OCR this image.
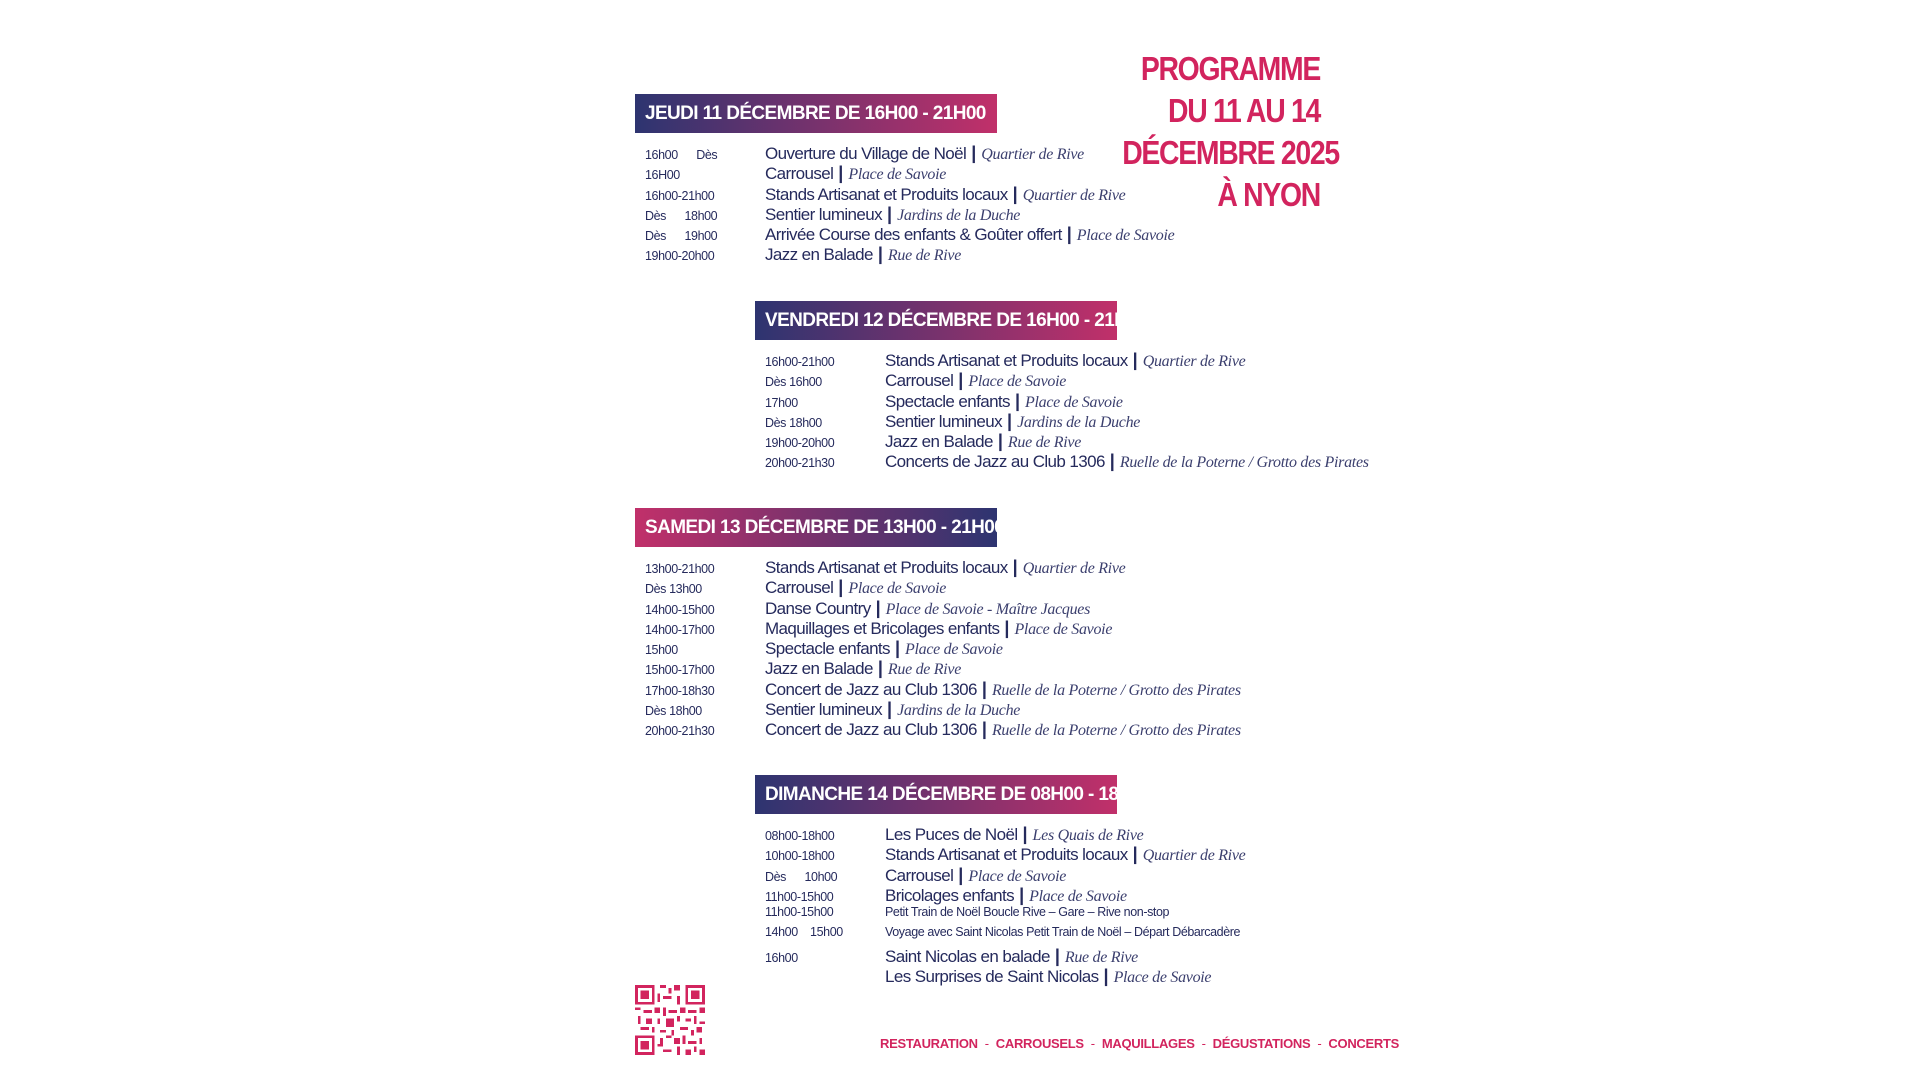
PROGRAMME
DU 11 AU 14
DÉCEMBRE 2025
À NYON
JEUDI 11 DÉCEMBRE DE 16H00 - 21H00
16h00      Dès	Ouverture du Village de Noël | Quartier de Rive
16H00	Carrousel | Place de Savoie
16h00-21h00	Stands Artisanat et Produits locaux | Quartier de Rive
Dès      18h00	Sentier lumineux | Jardins de la Duche
Dès      19h00	Arrivée Course des enfants & Goûter offert | Place de Savoie
19h00-20h00	Jazz en Balade | Rue de Rive
VENDREDI 12 DÉCEMBRE DE 16H00 - 21H00
16h00-21h00	Stands Artisanat et Produits locaux | Quartier de Rive
Dès 16h00	Carrousel | Place de Savoie
17h00	Spectacle enfants | Place de Savoie
Dès 18h00	Sentier lumineux | Jardins de la Duche
19h00-20h00	Jazz en Balade | Rue de Rive
20h00-21h30	Concerts de Jazz au Club 1306 | Ruelle de la Poterne / Grotto des Pirates
SAMEDI 13 DÉCEMBRE DE 13H00 - 21H00
13h00-21h00	Stands Artisanat et Produits locaux | Quartier de Rive
Dès 13h00	Carrousel | Place de Savoie
14h00-15h00	Danse Country | Place de Savoie - Maître Jacques
14h00-17h00	Maquillages et Bricolages enfants | Place de Savoie
15h00	Spectacle enfants | Place de Savoie
15h00-17h00	Jazz en Balade | Rue de Rive
17h00-18h30	Concert de Jazz au Club 1306 | Ruelle de la Poterne / Grotto des Pirates
Dès 18h00	Sentier lumineux | Jardins de la Duche
20h00-21h30	Concert de Jazz au Club 1306 | Ruelle de la Poterne / Grotto des Pirates
DIMANCHE 14 DÉCEMBRE DE 08H00 - 18H00
08h00-18h00	Les Puces de Noël | Les Quais de Rive
10h00-18h00	Stands Artisanat et Produits locaux | Quartier de Rive
Dès      10h00	Carrousel | Place de Savoie
11h00-15h00	Bricolages enfants | Place de Savoie
11h00-15h00	Petit Train de Noël Boucle Rive – Gare – Rive non-stop
14h00    15h00	Voyage avec Saint Nicolas Petit Train de Noël – Départ Débarcadère
16h00	Saint Nicolas en balade | Rue de Rive
Les Surprises de Saint Nicolas | Place de Savoie
RESTAURATION - CARROUSELS - MAQUILLAGES - DÉGUSTATIONS - CONCERTS
